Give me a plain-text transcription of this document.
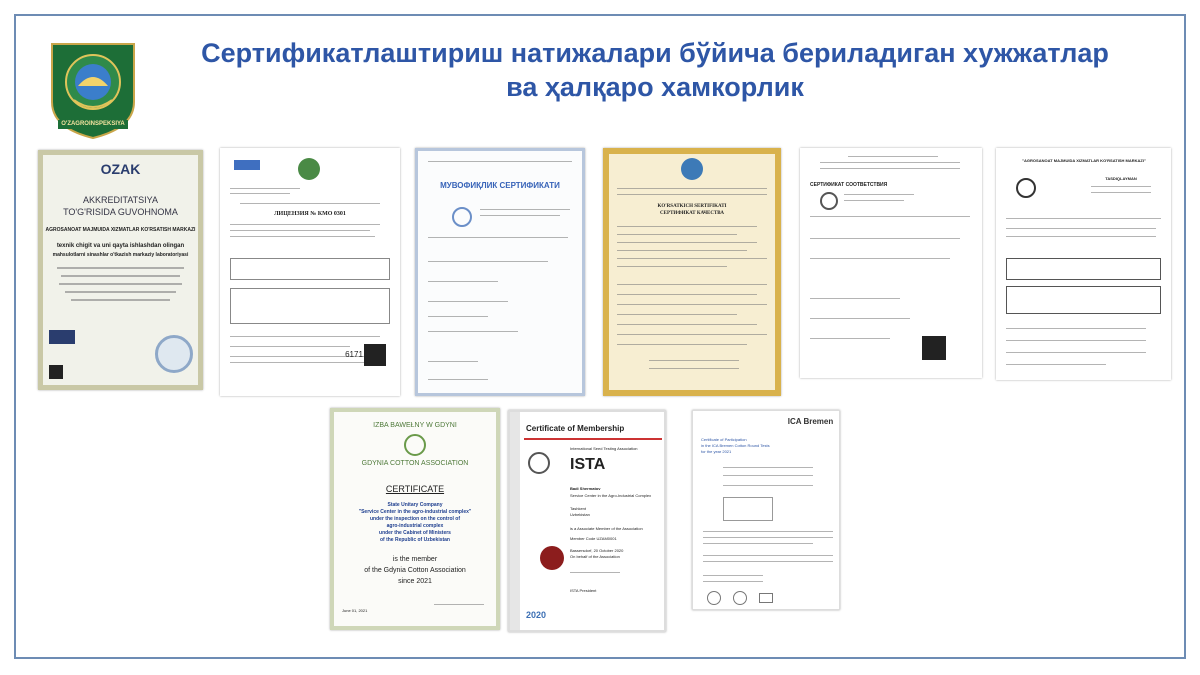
O'ZAGROINSPEKSIYA
Сертификатлаштириш натижалари бўйича бериладиган хужжатлар
ва ҳалқаро хамкорлик
OZAK
AKKREDITATSIYA
TO'G'RISIDA GUVOHNOMA
AGROSANOAT MAJMUIDA XIZMATLAR KO'RSATISH MARKAZI
texnik chigit va uni qayta ishlashdan olingan
mahsulotlarni sinashlar o'tkazish markaziy laboratoriyasi
ЛИЦЕНЗИЯ № КМО 0301
6171
МУВОФИҚЛИК СЕРТИФИКАТИ
KO'RSATKICH SERTIFIKATI
СЕРТИФИКАТ КАЧЕСТВА
СЕРТИФИКАТ СООТВЕТСТВИЯ
"AGROSANOAT MAJMUIDA XIZMATLAR KO'RSATISH MARKAZI"
TASDIQLAYMAN
IZBA BAWEŁNY W GDYNI
GDYNIA COTTON ASSOCIATION
CERTIFICATE
State Unitary Company
"Service Center in the agro-industrial complex"
under the inspection on the control of
agro-industrial complex
under the Cabinet of Ministers
of the Republic of Uzbekistan
is the member
of the Gdynia Cotton Association
since 2021
June 01, 2021
Certificate of Membership
International Seed Testing Association
ISTA
Badi Shermatov
Service Center in the Agro-Industrial Complex
Tashkent
Uzbekistan
is a Associate Member of the Association
Member Code UZAM0001
Bassersdorf, 20 October 2020
On behalf of the Association
ISTA President
2020
ICA Bremen
Certificate of Participation
in the ICA Bremen Cotton Round Tests
for the year 2021
